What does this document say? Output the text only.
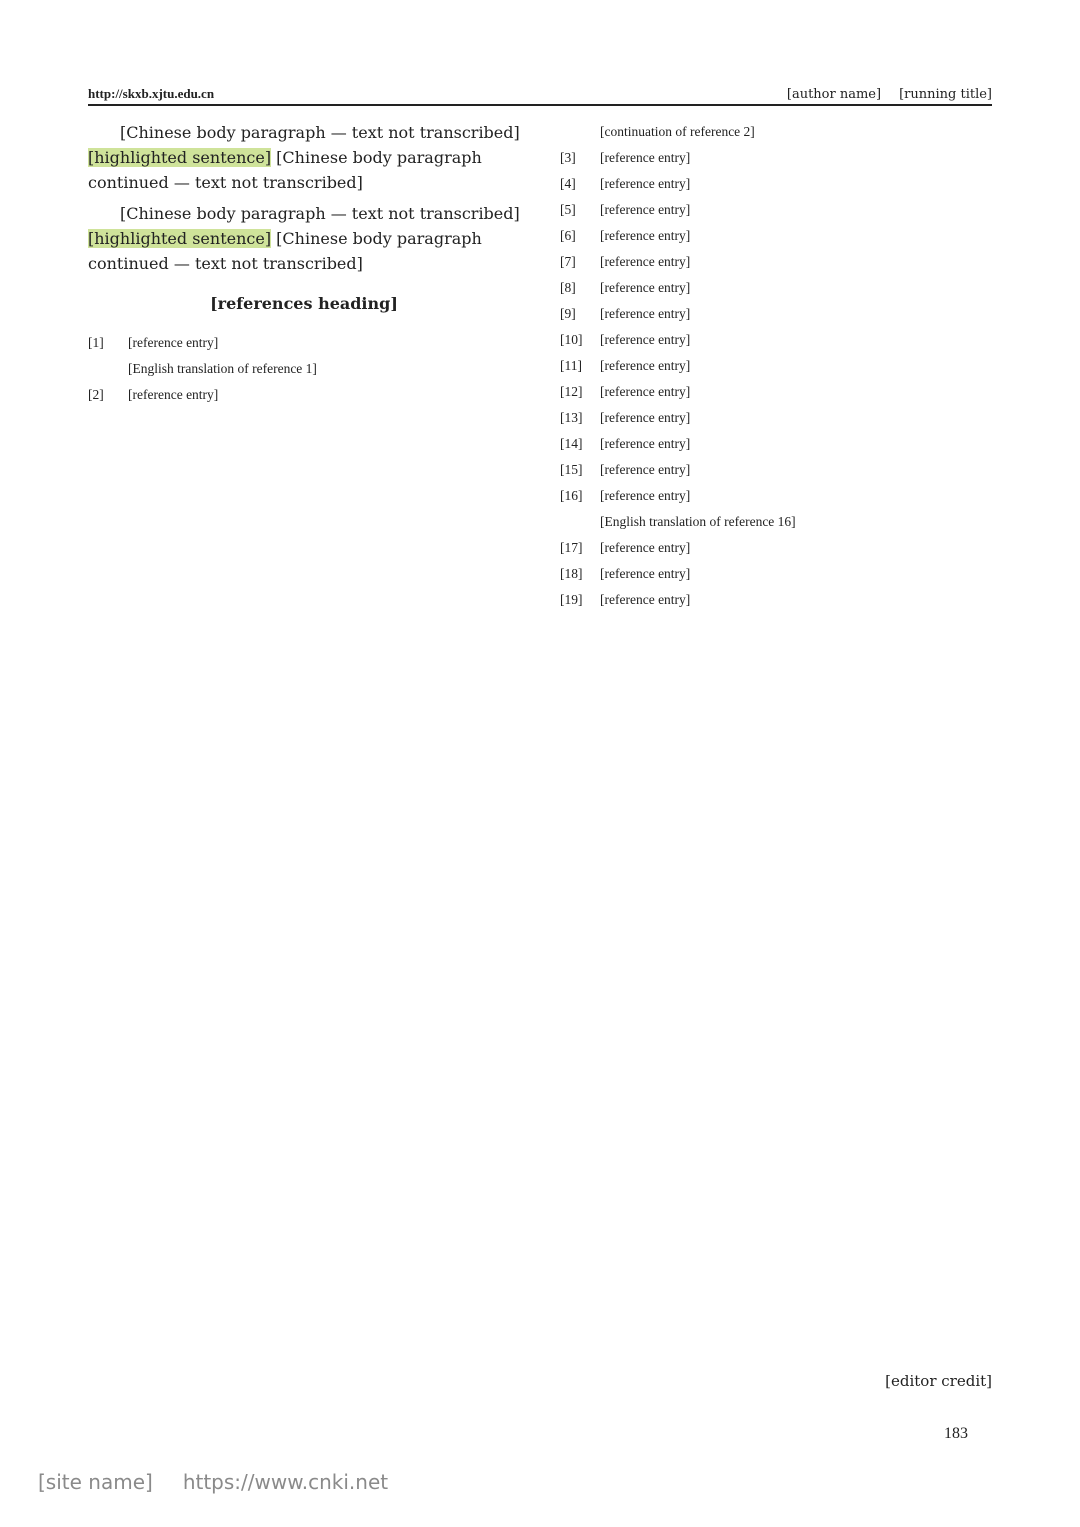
http://skxb.xjtu.edu.cn	[author name] [running title]

[Chinese body paragraph — text not transcribed] [highlighted sentence] [Chinese body paragraph continued — text not transcribed]

[Chinese body paragraph — text not transcribed] [highlighted sentence] [Chinese body paragraph continued — text not transcribed]

[references heading]
[1]	[reference entry]
[English translation of reference 1]
[2]	[reference entry]
[continuation of reference 2]
[3]	[reference entry]
[4]	[reference entry]
[5]	[reference entry]
[6]	[reference entry]
[7]	[reference entry]
[8]	[reference entry]
[9]	[reference entry]
[10]	[reference entry]
[11]	[reference entry]
[12]	[reference entry]
[13]	[reference entry]
[14]	[reference entry]
[15]	[reference entry]
[16]	[reference entry]
[English translation of reference 16]
[17]	[reference entry]
[18]	[reference entry]
[19]	[reference entry]
[editor credit]
183
[site name] https://www.cnki.net
